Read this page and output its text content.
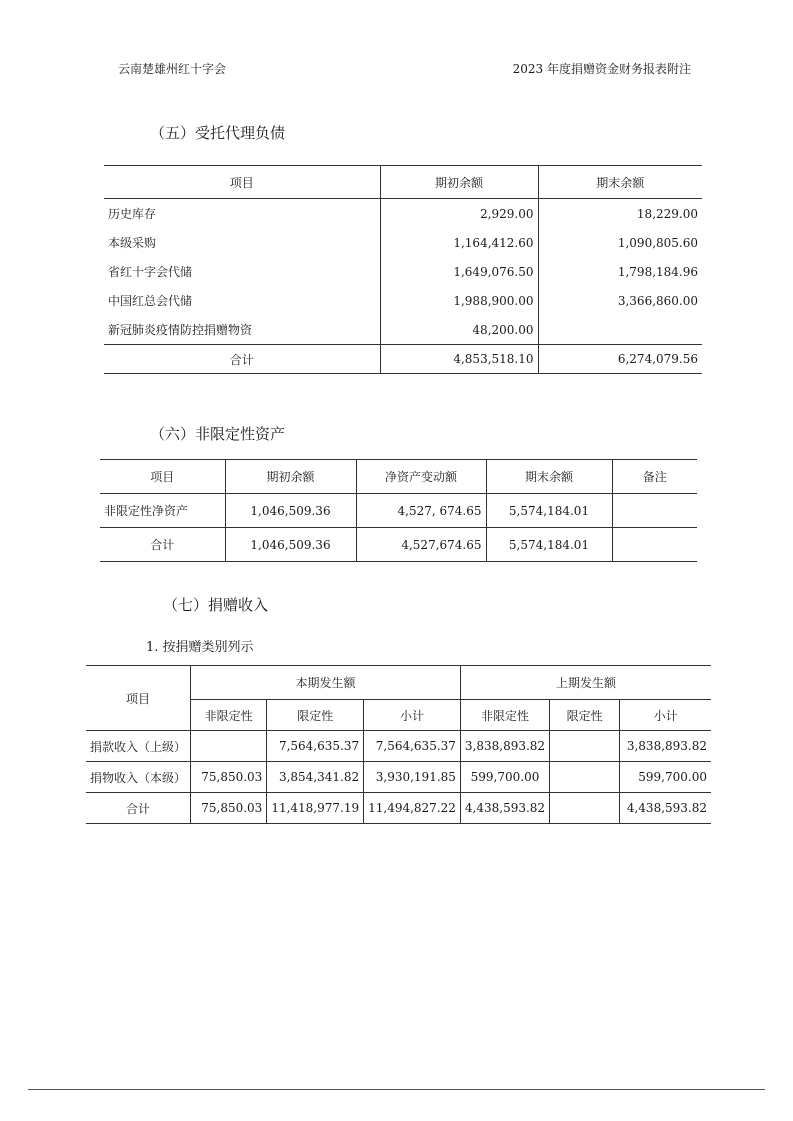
云南楚雄州红十字会	2023 年度捐赠资金财务报表附注
（五）受托代理负债
项目	期初余额	期末余额
历史库存	2,929.00	18,229.00
本级采购	1,164,412.60	1,090,805.60
省红十字会代储	1,649,076.50	1,798,184.96
中国红总会代储	1,988,900.00	3,366,860.00
新冠肺炎疫情防控捐赠物资	48,200.00	
合计	4,853,518.10	6,274,079.56
（六）非限定性资产
项目	期初余额	净资产变动额	期末余额	备注
非限定性净资产	1,046,509.36	4,527, 674.65	5,574,184.01	
合计	1,046,509.36	4,527,674.65	5,574,184.01	
（七）捐赠收入
1. 按捐赠类别列示
项目	本期发生额			上期发生额		
	非限定性	限定性	小计	非限定性	限定性	小计
捐款收入（上级）		7,564,635.37	7,564,635.37	3,838,893.82		3,838,893.82
捐物收入（本级）	75,850.03	3,854,341.82	3,930,191.85	599,700.00		599,700.00
合计	75,850.03	11,418,977.19	11,494,827.22	4,438,593.82		4,438,593.82
